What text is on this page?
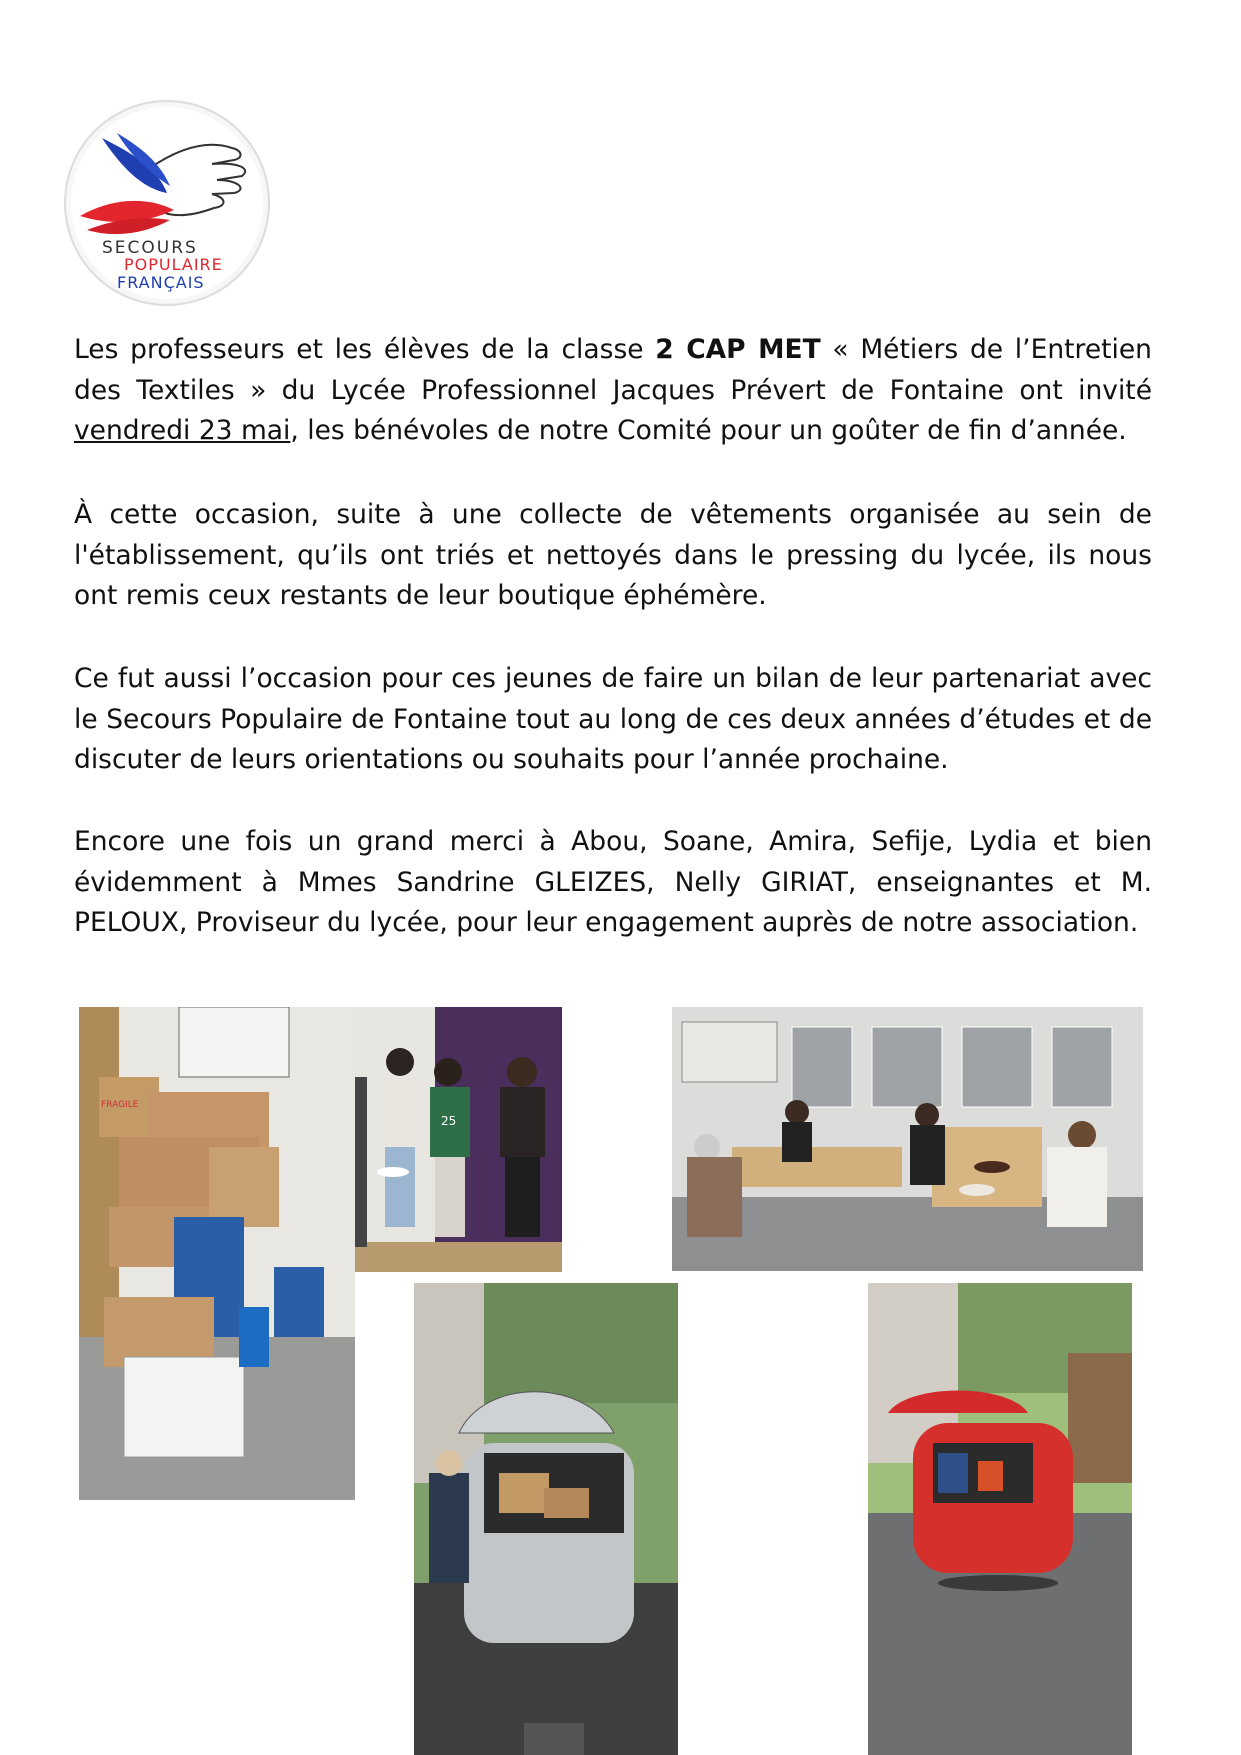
SECOURS
POPULAIRE
FRANÇAIS

Les professeurs et les élèves de la classe 2 CAP MET « Métiers de l’Entretien des Textiles » du Lycée Professionnel Jacques Prévert de Fontaine ont invité vendredi 23 mai, les bénévoles de notre Comité pour un goûter de fin d’année.

À cette occasion, suite à une collecte de vêtements organisée au sein de l'établissement, qu’ils ont triés et nettoyés dans le pressing du lycée, ils nous ont remis ceux restants de leur boutique éphémère.

Ce fut aussi l’occasion pour ces jeunes de faire un bilan de leur partenariat avec le Secours Populaire de Fontaine tout au long de ces deux années d’études et de discuter de leurs orientations ou souhaits pour l’année prochaine.

Encore une fois un grand merci à Abou, Soane, Amira, Sefije, Lydia et bien évidemment à Mmes Sandrine GLEIZES, Nelly GIRIAT, enseignantes et M. PELOUX, Proviseur du lycée, pour leur engagement auprès de notre association.

FRAGILE
25
